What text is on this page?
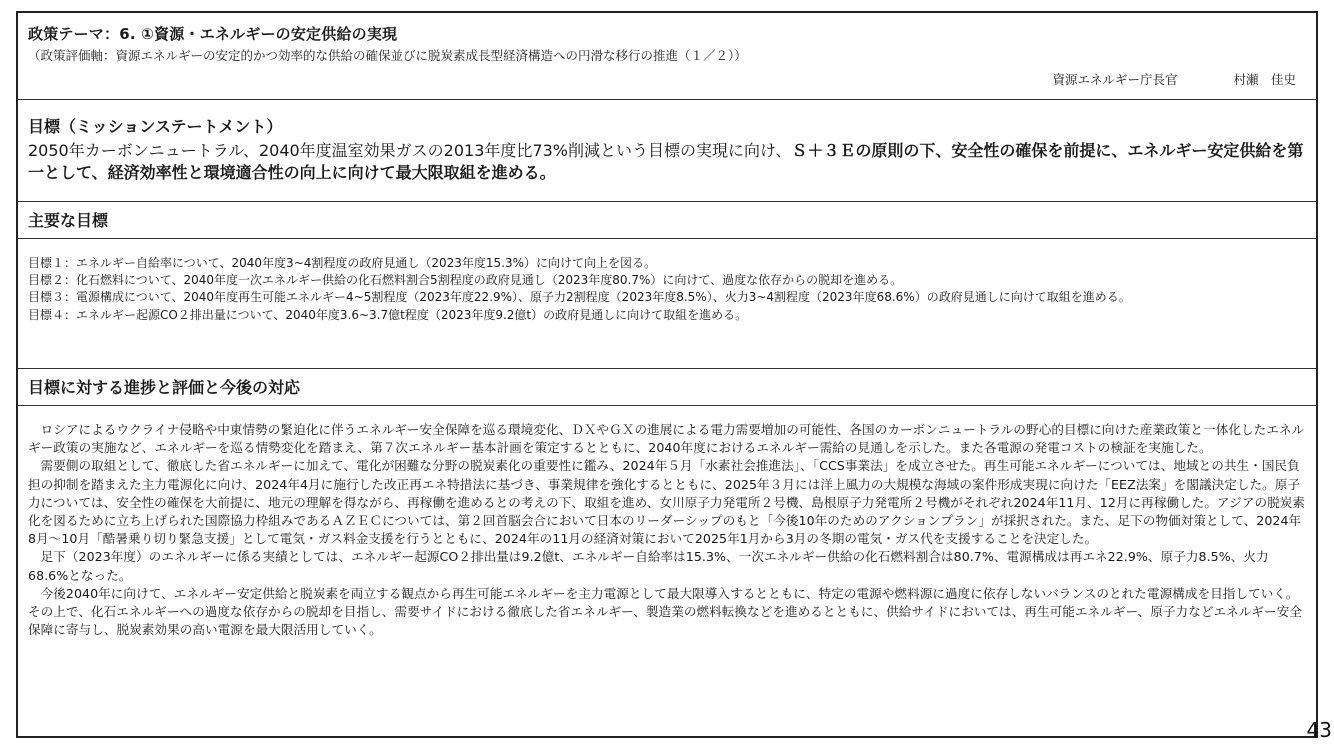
政策テーマ：6. ①資源・エネルギーの安定供給の実現
（政策評価軸：資源エネルギーの安定的かつ効率的な供給の確保並びに脱炭素成長型経済構造への円滑な移行の推進（１／２））
資源エネルギー庁長官	村瀬　佳史
目標（ミッションステートメント）
2050年カーボンニュートラル、2040年度温室効果ガスの2013年度比73%削減という目標の実現に向け、Ｓ＋３Ｅの原則の下、安全性の確保を前提に、エネルギー安定供給を第一として、経済効率性と環境適合性の向上に向けて最大限取組を進める。
主要な目標
目標１：エネルギー自給率について、2040年度3~4割程度の政府見通し（2023年度15.3%）に向けて向上を図る。
目標２：化石燃料について、2040年度一次エネルギー供給の化石燃料割合5割程度の政府見通し（2023年度80.7%）に向けて、過度な依存からの脱却を進める。
目標３：電源構成について、2040年度再生可能エネルギー4~5割程度（2023年度22.9%）、原子力2割程度（2023年度8.5%）、火力3~4割程度（2023年度68.6%）の政府見通しに向けて取組を進める。
目標４：エネルギー起源CO２排出量について、2040年度3.6~3.7億t程度（2023年度9.2億t）の政府見通しに向けて取組を進める。
目標に対する進捗と評価と今後の対応

ロシアによるウクライナ侵略や中東情勢の緊迫化に伴うエネルギー安全保障を巡る環境変化、ＤＸやＧＸの進展による電力需要増加の可能性、各国のカーボンニュートラルの野心的目標に向けた産業政策と一体化したエネルギー政策の実施など、エネルギーを巡る情勢変化を踏まえ、第７次エネルギー基本計画を策定するとともに、2040年度におけるエネルギー需給の見通しを示した。また各電源の発電コストの検証を実施した。

需要側の取組として、徹底した省エネルギーに加えて、電化が困難な分野の脱炭素化の重要性に鑑み、2024年５月「水素社会推進法」、「CCS事業法」を成立させた。再生可能エネルギーについては、地域との共生・国民負担の抑制を踏まえた主力電源化に向け、2024年4月に施行した改正再エネ特措法に基づき、事業規律を強化するとともに、2025年３月には洋上風力の大規模な海域の案件形成実現に向けた「EEZ法案」を閣議決定した。原子力については、安全性の確保を大前提に、地元の理解を得ながら、再稼働を進めるとの考えの下、取組を進め、女川原子力発電所２号機、島根原子力発電所２号機がそれぞれ2024年11月、12月に再稼働した。アジアの脱炭素化を図るために立ち上げられた国際協力枠組みであるＡＺＥＣについては、第２回首脳会合において日本のリーダーシップのもと「今後10年のためのアクションプラン」が採択された。また、足下の物価対策として、2024年8月～10月「酷暑乗り切り緊急支援」として電気・ガス料金支援を行うとともに、2024年の11月の経済対策において2025年1月から3月の冬期の電気・ガス代を支援することを決定した。

足下（2023年度）のエネルギーに係る実績としては、エネルギー起源CO２排出量は9.2億t、エネルギー自給率は15.3%、一次エネルギー供給の化石燃料割合は80.7%、電源構成は再エネ22.9%、原子力8.5%、火力68.6%となった。

今後2040年に向けて、エネルギー安定供給と脱炭素を両立する観点から再生可能エネルギーを主力電源として最大限導入するとともに、特定の電源や燃料源に過度に依存しないバランスのとれた電源構成を目指していく。その上で、化石エネルギーへの過度な依存からの脱却を目指し、需要サイドにおける徹底した省エネルギー、製造業の燃料転換などを進めるとともに、供給サイドにおいては、再生可能エネルギー、原子力などエネルギー安全保障に寄与し、脱炭素効果の高い電源を最大限活用していく。

43
